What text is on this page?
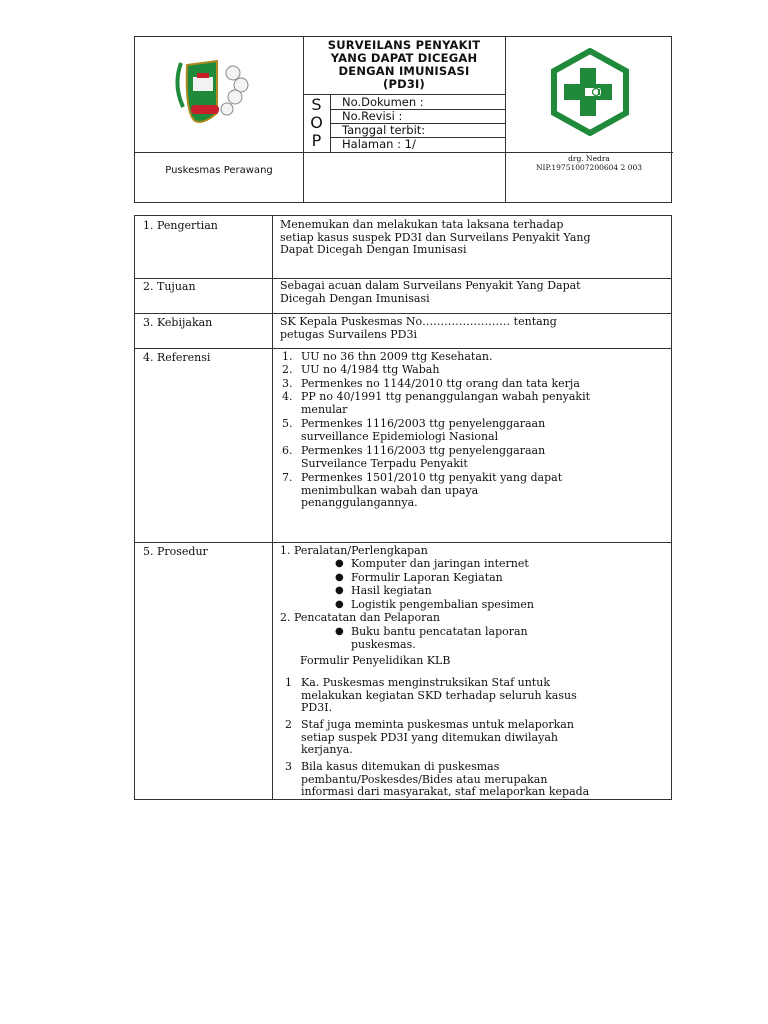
SURVEILANS PENYAKIT
YANG DAPAT DICEGAH
DENGAN IMUNISASI
(PD3I)
S
O
P
No.Dokumen :
No.Revisi :
Tanggal terbit:
Halaman : 1/
Puskesmas Perawang
drg. Nedra
NIP.19751007200604 2 003
1. Pengertian	Menemukan dan melakukan tata laksana terhadap
setiap kasus suspek PD3I dan Surveilans Penyakit Yang
Dapat Dicegah Dengan Imunisasi
2. Tujuan	Sebagai acuan dalam Surveilans Penyakit Yang Dapat
Dicegah Dengan Imunisasi
3. Kebijakan	SK Kepala Puskesmas No…………………… tentang
petugas Survailens PD3i
4. Referensi	1. UU no 36 thn 2009 ttg Kesehatan.
2. UU no 4/1984 ttg Wabah
3. Permenkes no 1144/2010 ttg orang dan tata kerja
4. PP no 40/1991 ttg penanggulangan wabah penyakit
menular
5. Permenkes 1116/2003 ttg penyelenggaraan
surveillance Epidemiologi Nasional
6. Permenkes 1116/2003 ttg penyelenggaraan
Surveilance Terpadu Penyakit
7. Permenkes 1501/2010 ttg penyakit yang dapat
menimbulkan wabah dan upaya
penanggulangannya.
5. Prosedur	1. Peralatan/Perlengkapan
● Komputer dan jaringan internet
● Formulir Laporan Kegiatan
● Hasil kegiatan
● Logistik pengembalian spesimen
2. Pencatatan dan Pelaporan
● Buku bantu pencatatan laporan
puskesmas.
Formulir Penyelidikan KLB
1 Ka. Puskesmas menginstruksikan Staf untuk
melakukan kegiatan SKD terhadap seluruh kasus
PD3I.
2 Staf juga meminta puskesmas untuk melaporkan
setiap suspek PD3I yang ditemukan diwilayah
kerjanya.
3 Bila kasus ditemukan di puskesmas
pembantu/Poskesdes/Bides atau merupakan
informasi dari masyarakat, staf melaporkan kepada
